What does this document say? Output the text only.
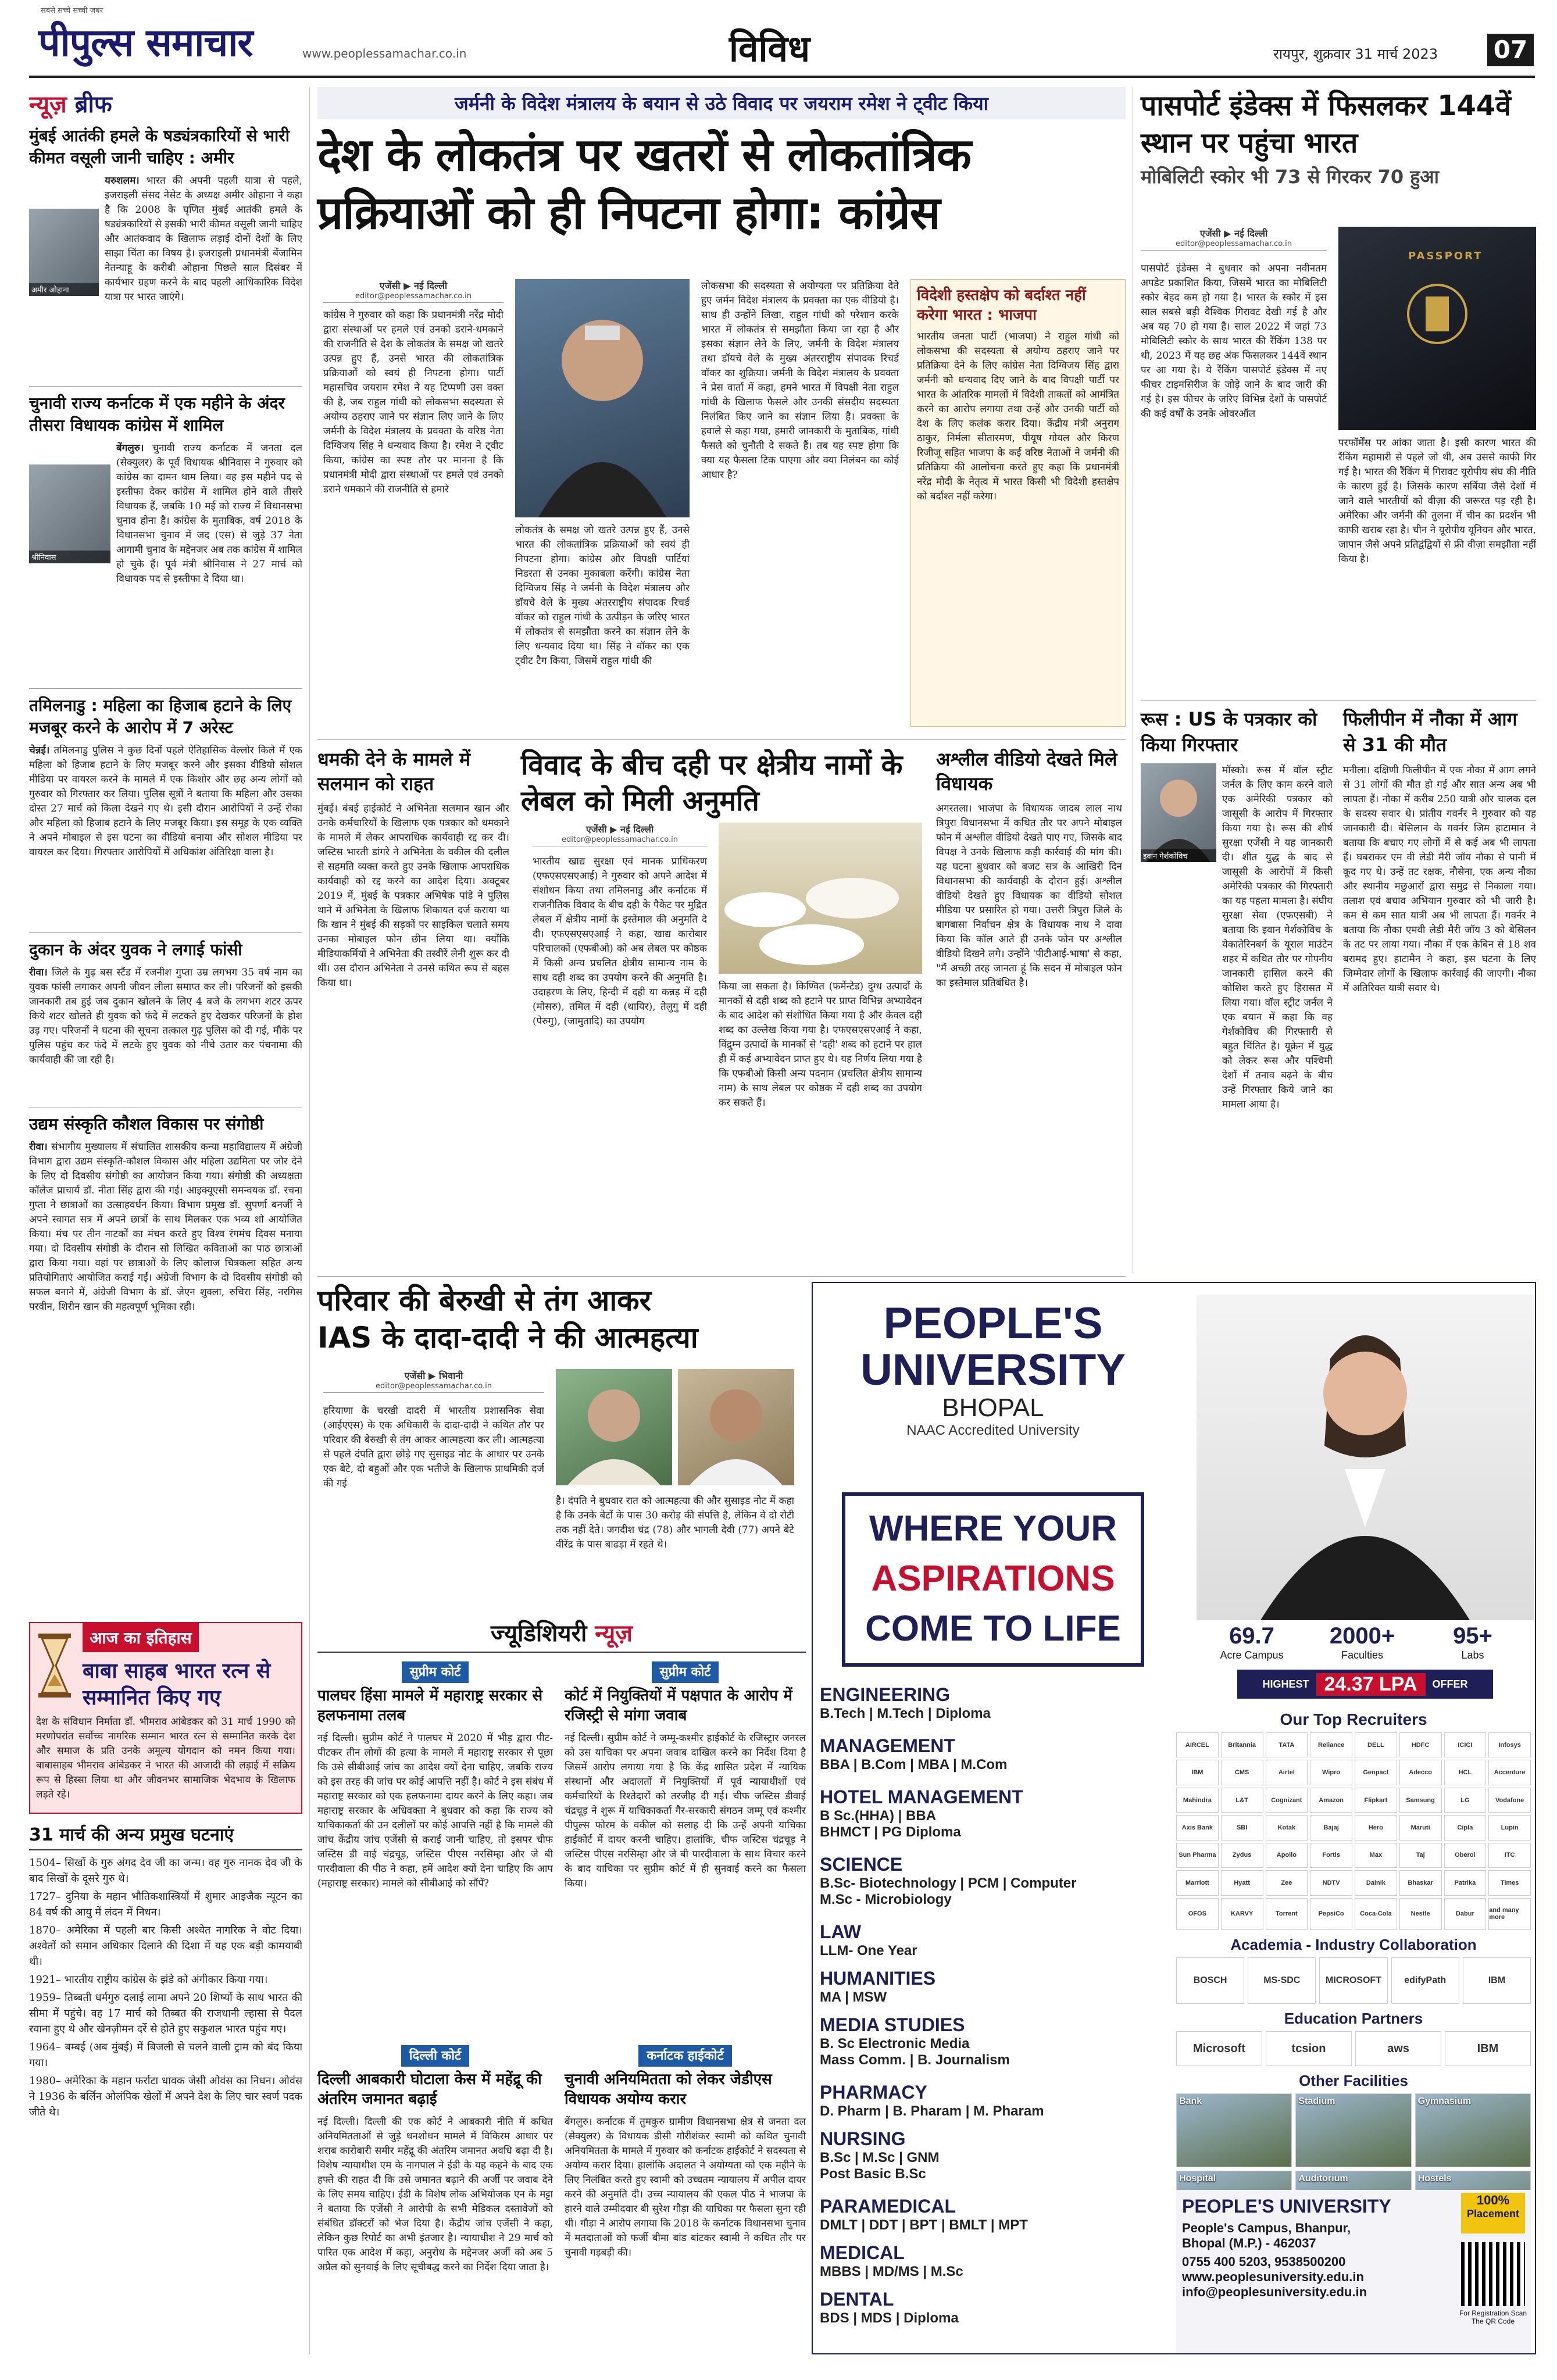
सबसे सच्चे सच्ची ज़बर
पीपुल्स समाचार	www.peoplessamachar.co.in	विविध	रायपुर, शुक्रवार 31 मार्च 2023 07
न्यूज़ ब्रीफ
मुंबई आतंकी हमले के षड्यंत्रकारियों से भारी कीमत वसूली जानी चाहिए : अमीर
अमीर ओहाना
यरुशलम। भारत की अपनी पहली यात्रा से पहले, इजराइली संसद नेसेट के अध्यक्ष अमीर ओहाना ने कहा है कि 2008 के घृणित मुंबई आतंकी हमले के षड्यंत्रकारियों से इसकी भारी कीमत वसूली जानी चाहिए और आतंकवाद के खिलाफ लड़ाई दोनों देशों के लिए साझा चिंता का विषय है। इजराइली प्रधानमंत्री बेंजामिन नेतन्याहू के करीबी ओहाना पिछले साल दिसंबर में कार्यभार ग्रहण करने के बाद पहली आधिकारिक विदेश यात्रा पर भारत जाएंगे।
चुनावी राज्य कर्नाटक में एक महीने के अंदर तीसरा विधायक कांग्रेस में शामिल
श्रीनिवास
बेंगलुरु। चुनावी राज्य कर्नाटक में जनता दल (सेक्युलर) के पूर्व विधायक श्रीनिवास ने गुरुवार को कांग्रेस का दामन थाम लिया। वह इस महीने पद से इस्तीफा देकर कांग्रेस में शामिल होने वाले तीसरे विधायक हैं, जबकि 10 मई को राज्य में विधानसभा चुनाव होना है। कांग्रेस के मुताबिक, वर्ष 2018 के विधानसभा चुनाव में जद (एस) से जुड़े 37 नेता आगामी चुनाव के मद्देनजर अब तक कांग्रेस में शामिल हो चुके हैं। पूर्व मंत्री श्रीनिवास ने 27 मार्च को विधायक पद से इस्तीफा दे दिया था।
तमिलनाडु : महिला का हिजाब हटाने के लिए मजबूर करने के आरोप में 7 अरेस्ट
चेन्नई। तमिलनाडु पुलिस ने कुछ दिनों पहले ऐतिहासिक वेल्लोर किले में एक महिला को हिजाब हटाने के लिए मजबूर करने और इसका वीडियो सोशल मीडिया पर वायरल करने के मामले में एक किशोर और छह अन्य लोगों को गुरुवार को गिरफ्तार कर लिया। पुलिस सूत्रों ने बताया कि महिला और उसका दोस्त 27 मार्च को किला देखने गए थे। इसी दौरान आरोपियों ने उन्हें रोका और महिला को हिजाब हटाने के लिए मजबूर किया। इस समूह के एक व्यक्ति ने अपने मोबाइल से इस घटना का वीडियो बनाया और सोशल मीडिया पर वायरल कर दिया। गिरफ्तार आरोपियों में अधिकांश अंतिरिक्षा वाला है।
दुकान के अंदर युवक ने लगाई फांसी
रीवा। जिले के गुढ़ बस स्टैंड में रजनीश गुप्ता उम्र लगभग 35 वर्ष नाम का युवक फांसी लगाकर अपनी जीवन लीला समाप्त कर ली। परिजनों को इसकी जानकारी तब हुई जब दुकान खोलने के लिए 4 बजे के लगभग शटर ऊपर किये शटर खोलते ही युवक को फंदे में लटकते हुए देखकर परिजनों के होश उड़ गए। परिजनों ने घटना की सूचना तत्काल गुढ़ पुलिस को दी गई, मौके पर पुलिस पहुंच कर फंदे में लटके हुए युवक को नीचे उतार कर पंचनामा की कार्यवाही की जा रही है।
उद्यम संस्कृति कौशल विकास पर संगोष्ठी
रीवा। संभागीय मुख्यालय में संचालित शासकीय कन्या महाविद्यालय में अंग्रेजी विभाग द्वारा उद्यम संस्कृति-कौशल विकास और महिला उद्यमिता पर जोर देने के लिए दो दिवसीय संगोष्ठी का आयोजन किया गया। संगोष्ठी की अध्यक्षता कॉलेज प्राचार्य डॉ. नीता सिंह द्वारा की गई। आइक्यूएसी समन्वयक डॉ. रचना गुप्ता ने छात्राओं का उत्साहवर्धन किया। विभाग प्रमुख डॉ. सुपर्णा बनर्जी ने अपने स्वागत सत्र में अपने छात्रों के साथ मिलकर एक भव्य शो आयोजित किया। मंच पर तीन नाटकों का मंचन करते हुए विश्व रंगमंच दिवस मनाया गया। दो दिवसीय संगोष्ठी के दौरान सो लिखित कविताओं का पाठ छात्राओं द्वारा किया गया। वहां पर छात्राओं के लिए कोलाज चित्रकला सहित अन्य प्रतियोगिताएं आयोजित कराई गईं। अंग्रेजी विभाग के दो दिवसीय संगोष्ठी को सफल बनाने में, अंग्रेजी विभाग के डॉ. जेएन शुक्ला, रुचिरा सिंह, नरगिस परवीन, शिरीन खान की महत्वपूर्ण भूमिका रही।
आज का इतिहास
बाबा साहब भारत रत्न से सम्मानित किए गए
देश के संविधान निर्माता डॉ. भीमराव आंबेडकर को 31 मार्च 1990 को मरणोपरांत सर्वोच्च नागरिक सम्मान भारत रत्न से सम्मानित करके देश और समाज के प्रति उनके अमूल्य योगदान को नमन किया गया। बाबासाहब भीमराव आंबेडकर ने भारत की आजादी की लड़ाई में सक्रिय रूप से हिस्सा लिया था और जीवनभर सामाजिक भेदभाव के खिलाफ लड़ते रहे।
31 मार्च की अन्य प्रमुख घटनाएं
1504– सिखों के गुरु अंगद देव जी का जन्म। वह गुरु नानक देव जी के बाद सिखों के दूसरे गुरु थे।
1727– दुनिया के महान भौतिकशास्त्रियों में शुमार आइजैक न्यूटन का 84 वर्ष की आयु में लंदन में निधन।
1870– अमेरिका में पहली बार किसी अश्वेत नागरिक ने वोट दिया। अश्वेतों को समान अधिकार दिलाने की दिशा में यह एक बड़ी कामयाबी थी।
1921– भारतीय राष्ट्रीय कांग्रेस के झंडे को अंगीकार किया गया।
1959– तिब्बती धर्मगुरु दलाई लामा अपने 20 शिष्यों के साथ भारत की सीमा में पहुंचे। वह 17 मार्च को तिब्बत की राजधानी ल्हासा से पैदल रवाना हुए थे और खेनज़ीमन दर्रे से होते हुए सकुशल भारत पहुंच गए।
1964– बम्बई (अब मुंबई) में बिजली से चलने वाली ट्राम को बंद किया गया।
1980– अमेरिका के महान फर्राटा धावक जेसी ओवंस का निधन। ओवंस ने 1936 के बर्लिन ओलंपिक खेलों में अपने देश के लिए चार स्वर्ण पदक जीते थे।
जर्मनी के विदेश मंत्रालय के बयान से उठे विवाद पर जयराम रमेश ने ट्वीट किया
देश के लोकतंत्र पर खतरों से लोकतांत्रिक प्रक्रियाओं को ही निपटना होगा: कांग्रेस
एजेंसी ▶ नई दिल्ली
editor@peoplessamachar.co.in
कांग्रेस ने गुरुवार को कहा कि प्रधानमंत्री नरेंद्र मोदी द्वारा संस्थाओं पर हमले एवं उनको डराने-धमकाने की राजनीति से देश के लोकतंत्र के समक्ष जो खतरे उत्पन्न हुए हैं, उनसे भारत की लोकतांत्रिक प्रक्रियाओं को स्वयं ही निपटना होगा। पार्टी महासचिव जयराम रमेश ने यह टिप्पणी उस वक्त की है, जब राहुल गांधी को लोकसभा सदस्यता से अयोग्य ठहराए जाने पर संज्ञान लिए जाने के लिए जर्मनी के विदेश मंत्रालय के प्रवक्ता के वरिष्ठ नेता दिग्विजय सिंह ने धन्यवाद किया है। रमेश ने ट्वीट किया, कांग्रेस का स्पष्ट तौर पर मानना है कि प्रधानमंत्री मोदी द्वारा संस्थाओं पर हमले एवं उनको डराने धमकाने की राजनीति से हमारे
लोकतंत्र के समक्ष जो खतरे उत्पन्न हुए हैं, उनसे भारत की लोकतांत्रिक प्रक्रियाओं को स्वयं ही निपटना होगा। कांग्रेस और विपक्षी पार्टियां निडरता से उनका मुकाबला करेंगी। कांग्रेस नेता दिग्विजय सिंह ने जर्मनी के विदेश मंत्रालय और डॉयचे वेले के मुख्य अंतरराष्ट्रीय संपादक रिचर्ड वॉकर को राहुल गांधी के उत्पीड़न के जरिए भारत में लोकतंत्र से समझौता करने का संज्ञान लेने के लिए धन्यवाद दिया था। सिंह ने वॉकर का एक ट्वीट टैग किया, जिसमें राहुल गांधी की
लोकसभा की सदस्यता से अयोग्यता पर प्रतिक्रिया देते हुए जर्मन विदेश मंत्रालय के प्रवक्ता का एक वीडियो है। साथ ही उन्होंने लिखा, राहुल गांधी को परेशान करके भारत में लोकतंत्र से समझौता किया जा रहा है और इसका संज्ञान लेने के लिए, जर्मनी के विदेश मंत्रालय तथा डॉयचे वेले के मुख्य अंतरराष्ट्रीय संपादक रिचर्ड वॉकर का शुक्रिया। जर्मनी के विदेश मंत्रालय के प्रवक्ता ने प्रेस वार्ता में कहा, हमने भारत में विपक्षी नेता राहुल गांधी के खिलाफ फैसले और उनकी संसदीय सदस्यता निलंबित किए जाने का संज्ञान लिया है। प्रवक्ता के हवाले से कहा गया, हमारी जानकारी के मुताबिक, गांधी फैसले को चुनौती दे सकते हैं। तब यह स्पष्ट होगा कि क्या यह फैसला टिक पाएगा और क्या निलंबन का कोई आधार है?
विदेशी हस्तक्षेप को बर्दाश्त नहीं करेगा भारत : भाजपा
भारतीय जनता पार्टी (भाजपा) ने राहुल गांधी को लोकसभा की सदस्यता से अयोग्य ठहराए जाने पर प्रतिक्रिया देने के लिए कांग्रेस नेता दिग्विजय सिंह द्वारा जर्मनी को धन्यवाद दिए जाने के बाद विपक्षी पार्टी पर भारत के आंतरिक मामलों में विदेशी ताकतों को आमंत्रित करने का आरोप लगाया तथा उन्हें और उनकी पार्टी को देश के लिए कलंक करार दिया। केंद्रीय मंत्री अनुराग ठाकुर, निर्मला सीतारमण, पीयूष गोयल और किरण रिजीजू सहित भाजपा के कई वरिष्ठ नेताओं ने जर्मनी की प्रतिक्रिया की आलोचना करते हुए कहा कि प्रधानमंत्री नरेंद्र मोदी के नेतृत्व में भारत किसी भी विदेशी हस्तक्षेप को बर्दाश्त नहीं करेगा।
धमकी देने के मामले में सलमान को राहत
मुंबई। बंबई हाईकोर्ट ने अभिनेता सलमान खान और उनके कर्मचारियों के खिलाफ एक पत्रकार को धमकाने के मामले में लेकर आपराधिक कार्यवाही रद्द कर दी। जस्टिस भारती डांगरे ने अभिनेता के वकील की दलील से सहमति व्यक्त करते हुए उनके खिलाफ आपराधिक कार्यवाही को रद्द करने का आदेश दिया। अक्टूबर 2019 में, मुंबई के पत्रकार अभिषेक पांडे ने पुलिस थाने में अभिनेता के खिलाफ शिकायत दर्ज कराया था कि खान ने मुंबई की सड़कों पर साइकिल चलाते समय उनका मोबाइल फोन छीन लिया था। क्योंकि मीडियाकर्मियों ने अभिनेता की तस्वीरें लेनी शुरू कर दी थीं। उस दौरान अभिनेता ने उनसे कथित रूप से बहस किया था।
विवाद के बीच दही पर क्षेत्रीय नामों के लेबल को मिली अनुमति
एजेंसी ▶ नई दिल्ली
editor@peoplessamachar.co.in
भारतीय खाद्य सुरक्षा एवं मानक प्राधिकरण (एफएसएसएआई) ने गुरुवार को अपने आदेश में संशोधन किया तथा तमिलनाडु और कर्नाटक में राजनीतिक विवाद के बीच दही के पैकेट पर मुद्रित लेबल में क्षेत्रीय नामों के इस्तेमाल की अनुमति दे दी। एफएसएसएआई ने कहा, खाद्य कारोबार परिचालकों (एफबीओ) को अब लेबल पर कोष्ठक में किसी अन्य प्रचलित क्षेत्रीय सामान्य नाम के साथ दही शब्द का उपयोग करने की अनुमति है। उदाहरण के लिए, हिन्दी में दही या कन्नड़ में दही (मोसरु), तमिल में दही (थायिर), तेलुगु में दही (पेरुगु), (जामुतादि) का उपयोग
किया जा सकता है। किण्वित (फर्मेन्टेड) दुग्ध उत्पादों के मानकों से दही शब्द को हटाने पर प्राप्त विभिन्न अभ्यावेदन के बाद आदेश को संशोधित किया गया है और केवल दही शब्द का उल्लेख किया गया है। एफएसएसएआई ने कहा, विंद्रुम्न उत्पादों के मानकों से 'दही' शब्द को हटाने पर हाल ही में कई अभ्यावेदन प्राप्त हुए थे। यह निर्णय लिया गया है कि एफबीओ किसी अन्य पदनाम (प्रचलित क्षेत्रीय सामान्य नाम) के साथ लेबल पर कोष्ठक में दही शब्द का उपयोग कर सकते हैं।
अश्लील वीडियो देखते मिले विधायक
अगरतला। भाजपा के विधायक जादब लाल नाथ त्रिपुरा विधानसभा में कथित तौर पर अपने मोबाइल फोन में अश्लील वीडियो देखते पाए गए, जिसके बाद विपक्ष ने उनके खिलाफ कड़ी कार्रवाई की मांग की। यह घटना बुधवार को बजट सत्र के आखिरी दिन विधानसभा की कार्यवाही के दौरान हुई। अश्लील वीडियो देखते हुए विधायक का वीडियो सोशल मीडिया पर प्रसारित हो गया। उत्तरी त्रिपुरा जिले के बागबासा निर्वाचन क्षेत्र के विधायक नाथ ने दावा किया कि कॉल आते ही उनके फोन पर अश्लील वीडियो दिखने लगे। उन्होंने 'पीटीआई-भाषा' से कहा, "मैं अच्छी तरह जानता हूं कि सदन में मोबाइल फोन का इस्तेमाल प्रतिबंधित है।
परिवार की बेरुखी से तंग आकर
IAS के दादा-दादी ने की आत्महत्या
एजेंसी ▶ भिवानी
editor@peoplessamachar.co.in
हरियाणा के चरखी दादरी में भारतीय प्रशासनिक सेवा (आईएएस) के एक अधिकारी के दादा-दादी ने कथित तौर पर परिवार की बेरुखी से तंग आकर आत्महत्या कर ली। आत्महत्या से पहले दंपति द्वारा छोड़े गए सुसाइड नोट के आधार पर उनके एक बेटे, दो बहुओं और एक भतीजे के खिलाफ प्राथमिकी दर्ज की गई
है। दंपति ने बुधवार रात को आत्महत्या की और सुसाइड नोट में कहा है कि उनके बेटों के पास 30 करोड़ की संपत्ति है, लेकिन वे दो रोटी तक नहीं देते। जगदीश चंद्र (78) और भागली देवी (77) अपने बेटे वीरेंद्र के पास बाढड़ा में रहते थे।
ज्यूडिशियरी न्यूज़
सुप्रीम कोर्ट
पालघर हिंसा मामले में महाराष्ट्र सरकार से हलफनामा तलब
नई दिल्ली। सुप्रीम कोर्ट ने पालघर में 2020 में भीड़ द्वारा पीट-पीटकर तीन लोगों की हत्या के मामले में महाराष्ट्र सरकार से पूछा कि उसे सीबीआई जांच का आदेश क्यों देना चाहिए, जबकि राज्य को इस तरह की जांच पर कोई आपत्ति नहीं है। कोर्ट ने इस संबंध में महाराष्ट्र सरकार को एक हलफनामा दायर करने के लिए कहा। जब महाराष्ट्र सरकार के अधिवक्ता ने बुधवार को कहा कि राज्य को याचिकाकर्ता की उन दलीलों पर कोई आपत्ति नहीं है कि मामले की जांच केंद्रीय जांच एजेंसी से कराई जानी चाहिए, तो इसपर चीफ जस्टिस डी वाई चंद्रचूड़, जस्टिस पीएस नरसिम्हा और जे बी पारदीवाला की पीठ ने कहा, हमें आदेश क्यों देना चाहिए कि आप (महाराष्ट्र सरकार) मामले को सीबीआई को सौंपें?
सुप्रीम कोर्ट
कोर्ट में नियुक्तियों में पक्षपात के आरोप में रजिस्ट्री से मांगा जवाब
नई दिल्ली। सुप्रीम कोर्ट ने जम्मू-कश्मीर हाईकोर्ट के रजिस्ट्रार जनरल को उस याचिका पर अपना जवाब दाखिल करने का निर्देश दिया है जिसमें आरोप लगाया गया है कि केंद्र शासित प्रदेश में न्यायिक संस्थानों और अदालतों में नियुक्तियों में पूर्व न्यायाधीशों एवं कर्मचारियों के रिश्तेदारों को तरजीह दी गई। चीफ जस्टिस डीवाई चंद्रचूड़ ने शुरू में याचिकाकर्ता गैर-सरकारी संगठन जम्मू एवं कश्मीर पीपुल्स फोरम के वकील को सलाह दी कि उन्हें अपनी याचिका हाईकोर्ट में दायर करनी चाहिए। हालांकि, चीफ जस्टिस चंद्रचूड़ ने जस्टिस पीएस नरसिम्हा और जे बी पारदीवाला के साथ विचार करने के बाद याचिका पर सुप्रीम कोर्ट में ही सुनवाई करने का फैसला किया।
दिल्ली कोर्ट
दिल्ली आबकारी घोटाला केस में महेंद्रू की अंतरिम जमानत बढ़ाई
नई दिल्ली। दिल्ली की एक कोर्ट ने आबकारी नीति में कथित अनियमितताओं से जुड़े धनशोधन मामले में विकिरम आधार पर शराब कारोबारी समीर महेंद्रू की अंतरिम जमानत अवधि बढ़ा दी है। विशेष न्यायाधीश एम के नागपाल ने ईडी के यह कहने के बाद एक हफ्ते की राहत दी कि उसे जमानत बढ़ाने की अर्जी पर जवाब देने के लिए समय चाहिए। ईडी के विशेष लोक अभियोजक एन के मट्टा ने बताया कि एजेंसी ने आरोपी के सभी मेडिकल दस्तावेजों को संबंधित डॉक्टरों को भेज दिया है। केंद्रीय जांच एजेंसी ने कहा, लेकिन कुछ रिपोर्ट का अभी इंतजार है। न्यायाधीश ने 29 मार्च को पारित एक आदेश में कहा, अनुरोध के मद्देनजर अर्जी को अब 5 अप्रैल को सुनवाई के लिए सूचीबद्ध करने का निर्देश दिया जाता है।
कर्नाटक हाईकोर्ट
चुनावी अनियमितता को लेकर जेडीएस विधायक अयोग्य करार
बेंगलुरु। कर्नाटक में तुमकुरु ग्रामीण विधानसभा क्षेत्र से जनता दल (सेक्युलर) के विधायक डीसी गौरीशंकर स्वामी को कथित चुनावी अनियमितता के मामले में गुरुवार को कर्नाटक हाईकोर्ट ने सदस्यता से अयोग्य करार दिया। हालांकि अदालत ने अयोग्यता को एक महीने के लिए निलंबित करते हुए स्वामी को उच्चतम न्यायालय में अपील दायर करने की अनुमति दी। उच्च न्यायालय की एकल पीठ ने भाजपा के हारने वाले उम्मीदवार बी सुरेश गौड़ा की याचिका पर फैसला सुना रही थी। गौड़ा ने आरोप लगाया कि 2018 के कर्नाटक विधानसभा चुनाव में मतदाताओं को फर्जी बीमा बांड बांटकर स्वामी ने कथित तौर पर चुनावी गड़बड़ी की।
पासपोर्ट इंडेक्स में फिसलकर 144वें स्थान पर पहुंचा भारत
मोबिलिटी स्कोर भी 73 से गिरकर 70 हुआ
एजेंसी ▶ नई दिल्ली
editor@peoplessamachar.co.in
पासपोर्ट इंडेक्स ने बुधवार को अपना नवीनतम अपडेट प्रकाशित किया, जिसमें भारत का मोबिलिटी स्कोर बेहद कम हो गया है। भारत के स्कोर में इस साल सबसे बड़ी वैश्विक गिरावट देखी गई है और अब यह 70 हो गया है। साल 2022 में जहां 73 मोबिलिटी स्कोर के साथ भारत की रैंकिंग 138 पर थी, 2023 में यह छह अंक फिसलकर 144वें स्थान पर आ गया है। ये रैंकिंग पासपोर्ट इंडेक्स में नए फीचर टाइमसिरीज के जोड़े जाने के बाद जारी की गई है। इस फीचर के जरिए विभिन्न देशों के पासपोर्ट की कई वर्षों के उनके ओवरऑल
PASSPORT
परफॉर्मेंस पर आंका जाता है। इसी कारण भारत की रैंकिंग महामारी से पहले जो थी, अब उससे काफी गिर गई है। भारत की रैंकिंग में गिरावट यूरोपीय संघ की नीति के कारण हुई है। जिसके कारण सर्बिया जैसे देशों में जाने वाले भारतीयों को वीज़ा की जरूरत पड़ रही है। अमेरिका और जर्मनी की तुलना में चीन का प्रदर्शन भी काफी खराब रहा है। चीन ने यूरोपीय यूनियन और भारत, जापान जैसे अपने प्रतिद्वंद्वियों से फ्री वीज़ा समझौता नहीं किया है।
रूस : US के पत्रकार को किया गिरफ्तार
इवान गेर्शकोविच
मॉस्को। रूस में वॉल स्ट्रीट जर्नल के लिए काम करने वाले एक अमेरिकी पत्रकार को जासूसी के आरोप में गिरफ्तार किया गया है। रूस की शीर्ष सुरक्षा एजेंसी ने यह जानकारी दी। शीत युद्ध के बाद से जासूसी के आरोपों में किसी अमेरिकी पत्रकार की गिरफ्तारी का यह पहला मामला है। संघीय सुरक्षा सेवा (एफएसबी) ने बताया कि इवान गेर्शकोविच के येकातेरिनबर्ग के यूराल माउंटेन शहर में कथित तौर पर गोपनीय जानकारी हासिल करने की कोशिश करते हुए हिरासत में लिया गया। वॉल स्ट्रीट जर्नल ने एक बयान में कहा कि वह गेर्शकोविच की गिरफ्तारी से बहुत चिंतित है। यूक्रेन में युद्ध को लेकर रूस और पश्चिमी देशों में तनाव बढ़ने के बीच उन्हें गिरफ्तार किये जाने का मामला आया है।
फिलीपीन में नौका में आग से 31 की मौत
मनीला। दक्षिणी फिलीपीन में एक नौका में आग लगने से 31 लोगों की मौत हो गई और सात अन्य अब भी लापता हैं। नौका में करीब 250 यात्री और चालक दल के सदस्य सवार थे। प्रांतीय गवर्नर ने गुरुवार को यह जानकारी दी। बेसिलान के गवर्नर जिम हाटामान ने बताया कि बचाए गए लोगों में से कई अब भी लापता हैं। घबराकर एम वी लेडी मैरी जॉय नौका से पानी में कूद गए थे। उन्हें तट रक्षक, नौसेना, एक अन्य नौका और स्थानीय मछुआरों द्वारा समुद्र से निकाला गया। तलाश एवं बचाव अभियान गुरुवार को भी जारी है। कम से कम सात यात्री अब भी लापता हैं। गवर्नर ने बताया कि नौका एमवी लेडी मैरी जॉय 3 को बेसिलन के तट पर लाया गया। नौका में एक केबिन से 18 शव बरामद हुए। हाटामैन ने कहा, इस घटना के लिए जिम्मेदार लोगों के खिलाफ कार्रवाई की जाएगी। नौका में अतिरिक्त यात्री सवार थे।
PEOPLE'S
UNIVERSITY
BHOPAL
NAAC Accredited University
WHERE YOUR
ASPIRATIONS
COME TO LIFE	69.7
Acre Campus
2000+
Faculties
95+
Labs
HIGHEST 24.37 LPA	OFFER
ENGINEERING
B.Tech | M.Tech | Diploma
MANAGEMENT
BBA | B.Com | MBA | M.Com
HOTEL MANAGEMENT
B Sc.(HHA) | BBA
BHMCT | PG Diploma
SCIENCE
B.Sc- Biotechnology | PCM | Computer
M.Sc - Microbiology
LAW
LLM- One Year
HUMANITIES
MA | MSW
MEDIA STUDIES
B. Sc Electronic Media
Mass Comm. | B. Journalism
PHARMACY
D. Pharm | B. Pharam | M. Pharam
NURSING
B.Sc | M.Sc | GNM
Post Basic B.Sc
PARAMEDICAL
DMLT | DDT | BPT | BMLT | MPT
MEDICAL
MBBS | MD/MS | M.Sc
DENTAL
BDS | MDS | Diploma
Our Top Recruiters
AIRCEL	Britannia	TATA	Reliance	DELL	HDFC	ICICI	Infosys
IBM	CMS	Airtel	Wipro	Genpact	Adecco	HCL	Accenture
Mahindra	L&T	Cognizant	Amazon	Flipkart	Samsung	LG	Vodafone
Axis Bank	SBI	Kotak	Bajaj	Hero	Maruti	Cipla	Lupin
Sun Pharma	Zydus	Apollo	Fortis	Max	Taj	Oberoi	ITC
Marriott	Hyatt	Zee	NDTV	Dainik	Bhaskar	Patrika	Times
OFOS	KARVY	Torrent	PepsiCo	Coca-Cola	Nestle	Dabur	and many more
Academia - Industry Collaboration
BOSCH	MS-SDC	MICROSOFT	edifyPath	IBM
Education Partners
Microsoft	tcsion	aws	IBM
Other Facilities
Bank	Stadium	Gymnasium
Hospital	Auditorium	Hostels
PEOPLE'S UNIVERSITY
People's Campus, Bhanpur,
Bhopal (M.P.) - 462037
0755 400 5203, 9538500200
www.peoplesuniversity.edu.in
info@peoplesuniversity.edu.in
100%
Placement
For Registration Scan The QR Code
